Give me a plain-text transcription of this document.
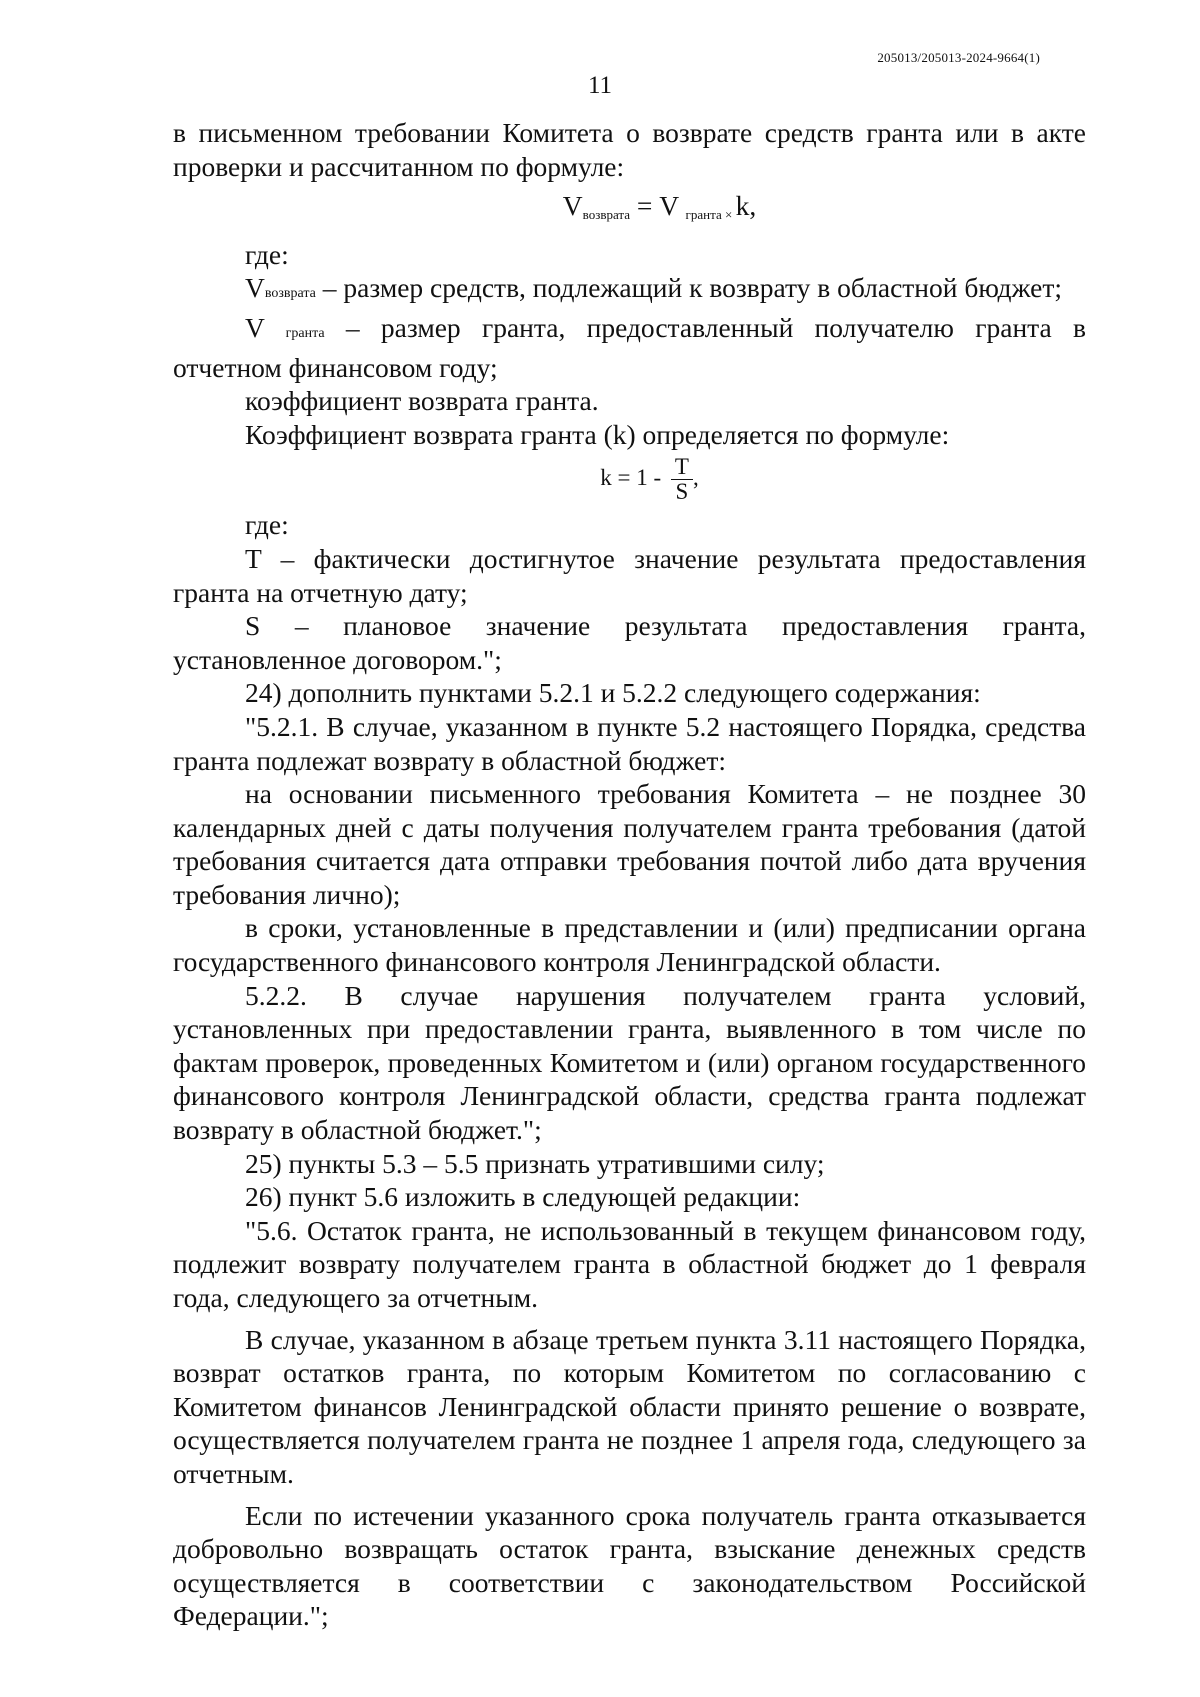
205013/205013-2024-9664(1)
11

в письменном требовании Комитета о возврате средств гранта или в акте проверки и рассчитанном по формуле:

$V_{возврата} = V$ $_{гранта}$ $_\times$ k,

где:

Vвозврата – размер средств, подлежащий к возврату в областной бюджет;

V гранта – размер гранта, предоставленный получателю гранта в отчетном финансовом году;

коэффициент возврата гранта.

Коэффициент возврата гранта (k) определяется по формуле:

$k = 1 - \frac{T}{S}$ ,

где:

T – фактически достигнутое значение результата предоставления гранта на отчетную дату;

S – плановое значение результата предоставления гранта, установленное договором.";

24) дополнить пунктами 5.2.1 и 5.2.2 следующего содержания:

"5.2.1. В случае, указанном в пункте 5.2 настоящего Порядка, средства гранта подлежат возврату в областной бюджет:

на основании письменного требования Комитета – не позднее 30 календарных дней с даты получения получателем гранта требования (датой требования считается дата отправки требования почтой либо дата вручения требования лично);

в сроки, установленные в представлении и (или) предписании органа государственного финансового контроля Ленинградской области.

5.2.2. В случае нарушения получателем гранта условий, установленных при предоставлении гранта, выявленного в том числе по фактам проверок, проведенных Комитетом и (или) органом государственного финансового контроля Ленинградской области, средства гранта подлежат возврату в областной бюджет.";

25) пункты 5.3 – 5.5 признать утратившими силу;

26) пункт 5.6 изложить в следующей редакции:

"5.6. Остаток гранта, не использованный в текущем финансовом году, подлежит возврату получателем гранта в областной бюджет до 1 февраля года, следующего за отчетным.

В случае, указанном в абзаце третьем пункта 3.11 настоящего Порядка, возврат остатков гранта, по которым Комитетом по согласованию с Комитетом финансов Ленинградской области принято решение о возврате, осуществляется получателем гранта не позднее 1 апреля года, следующего за отчетным.

Если по истечении указанного срока получатель гранта отказывается добровольно возвращать остаток гранта, взыскание денежных средств осуществляется в соответствии с законодательством Российской Федерации.";
